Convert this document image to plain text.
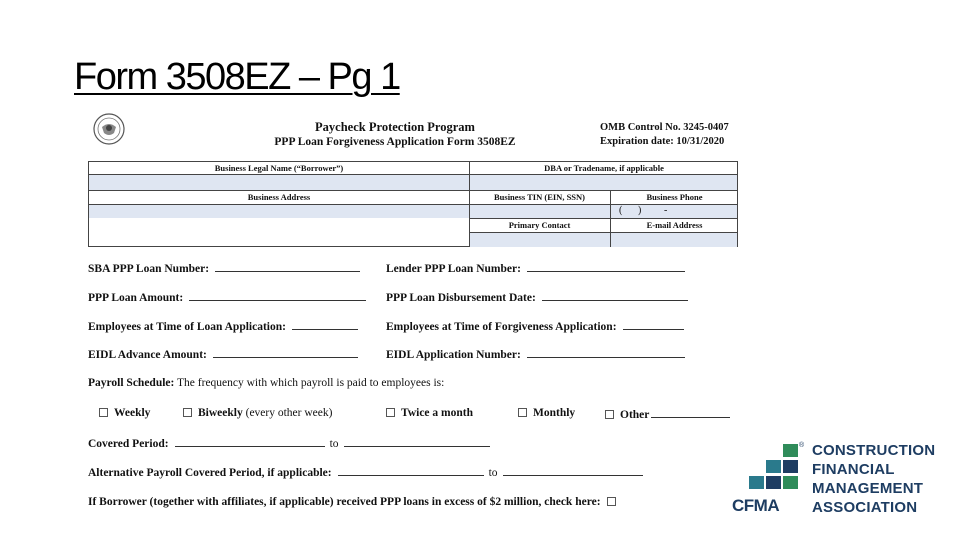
Form 3508EZ – Pg 1
Paycheck Protection Program
PPP Loan Forgiveness Application Form 3508EZ
OMB Control No. 3245-0407
Expiration date: 10/31/2020
Business Legal Name (“Borrower”)	DBA or Tradename, if applicable
Business Address	Business TIN (EIN, SSN)	Business Phone
( ) -
Primary Contact	E-mail Address
SBA PPP Loan Number:	Lender PPP Loan Number:
PPP Loan Amount:	PPP Loan Disbursement Date:
Employees at Time of Loan Application:	Employees at Time of Forgiveness Application:
EIDL Advance Amount:	EIDL Application Number:
Payroll Schedule: The frequency with which payroll is paid to employees is:
Weekly	Biweekly (every other week)	Twice a month	Monthly	Other
Covered Period:	to
Alternative Payroll Covered Period, if applicable:	to
If Borrower (together with affiliates, if applicable) received PPP loans in excess of $2 million, check here:
®
CFMA
CONSTRUCTION
FINANCIAL
MANAGEMENT
ASSOCIATION
